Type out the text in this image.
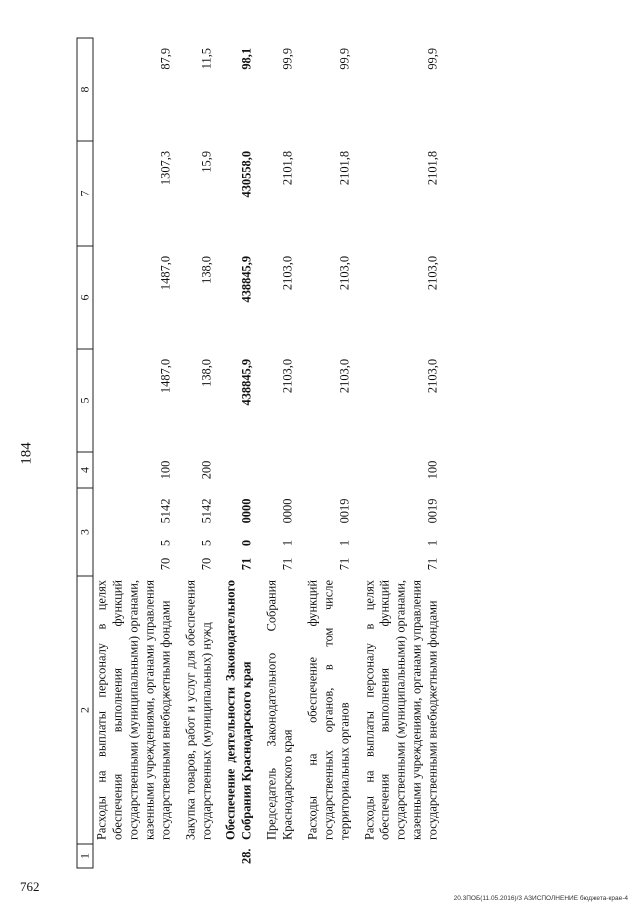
184
1	2	3			4	5	6	7	8
	Расходы на выплаты персоналу в целях обеспечения выполнения функций государственными (муниципальными) органами, казенными учреждениями, органами управления государственными внебюджетными фондами	70	5	5142	100	1487,0	1487,0	1307,3	87,9
	Закупка товаров, работ и услуг для обеспечения государственных (муниципальных) нужд	70	5	5142	200	138,0	138,0	15,9	11,5
28.	Обеспечение деятельности Законодательного Собрания Краснодарского края	71	0	0000		438845,9	438845,9	430558,0	98,1
	Председатель Законодательного Собрания Краснодарского края	71	1	0000		2103,0	2103,0	2101,8	99,9
	Расходы на обеспечение функций государственных органов, в том числе территориальных органов	71	1	0019		2103,0	2103,0	2101,8	99,9
	Расходы на выплаты персоналу в целях обеспечения выполнения функций государственными (муниципальными) органами, казенными учреждениями, органами управления государственными внебюджетными фондами	71	1	0019	100	2103,0	2103,0	2101,8	99,9
20.3ПОБ(11.05.2016)/3 АЗИСПОЛНЕНИЕ бюджета-крае-4
762
